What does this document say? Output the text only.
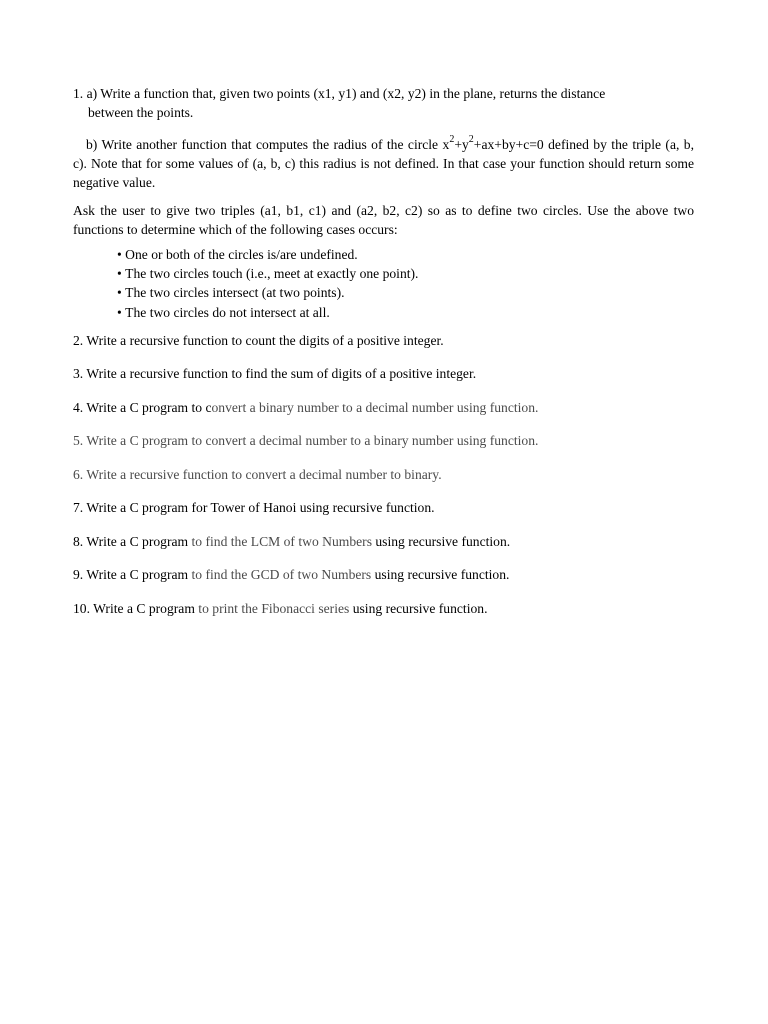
1. a) Write a function that, given two points (x1, y1) and (x2, y2) in the plane, returns the distance
between the points.

b) Write another function that computes the radius of the circle $x^2+y^2+ax+by+c=0$ defined by the triple (a, b, c). Note that for some values of (a, b, c) this radius is not defined. In that case your function should return some negative value.

Ask the user to give two triples (a1, b1, c1) and (a2, b2, c2) so as to define two circles. Use the above two functions to determine which of the following cases occurs:

• One or both of the circles is/are undefined.
• The two circles touch (i.e., meet at exactly one point).
• The two circles intersect (at two points).
• The two circles do not intersect at all.

2. Write a recursive function to count the digits of a positive integer.

3. Write a recursive function to find the sum of digits of a positive integer.

4. Write a C program to convert a binary number to a decimal number using function.

5. Write a C program to convert a decimal number to a binary number using function.

6. Write a recursive function to convert a decimal number to binary.

7. Write a C program for Tower of Hanoi using recursive function.

8. Write a C program to find the LCM of two Numbers using recursive function.

9. Write a C program to find the GCD of two Numbers using recursive function.

10. Write a C program to print the Fibonacci series using recursive function.
